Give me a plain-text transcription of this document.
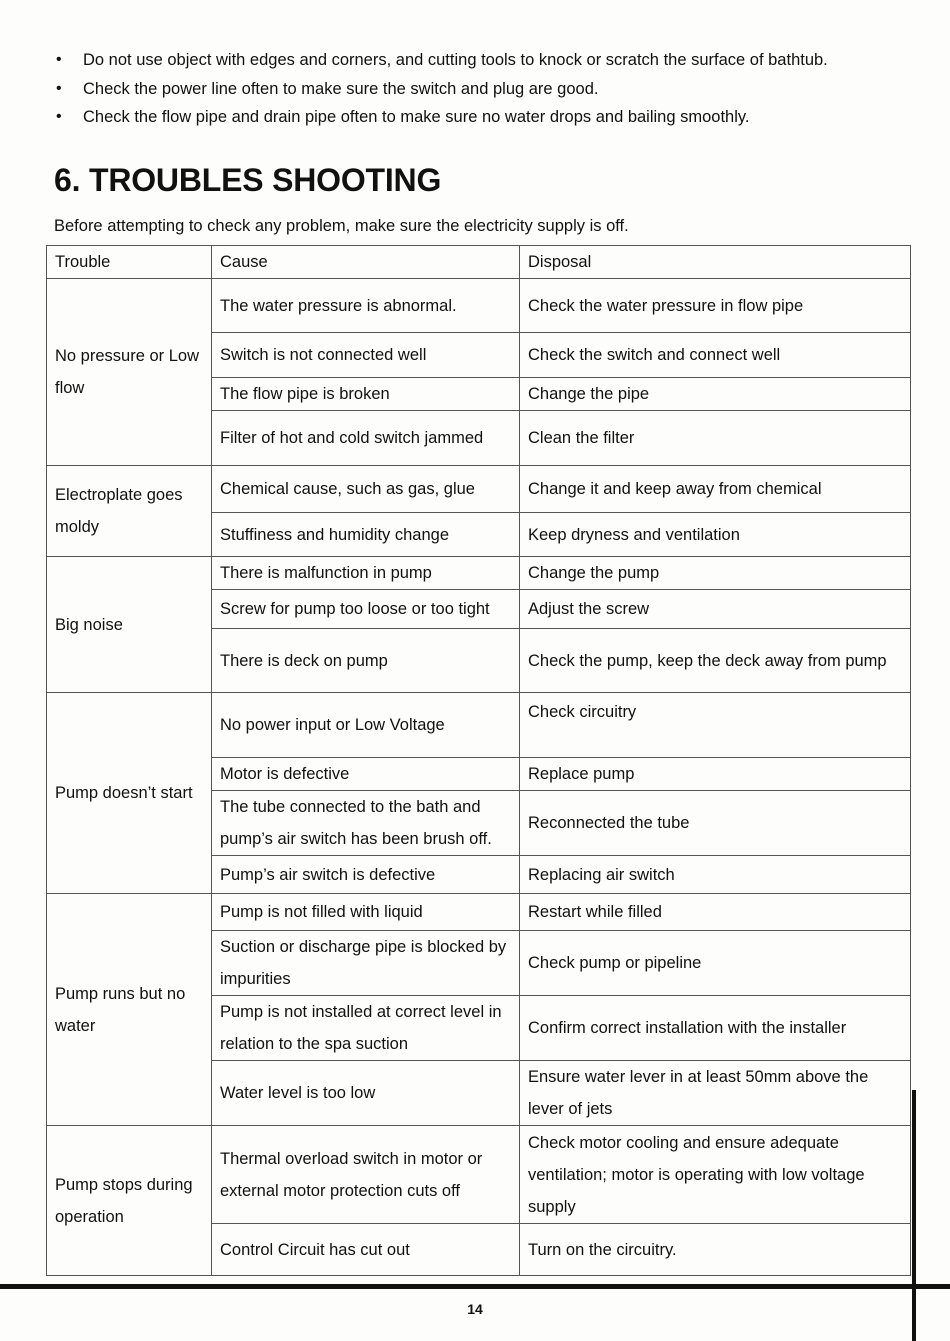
• Do not use object with edges and corners, and cutting tools to knock or scratch the surface of bathtub.
• Check the power line often to make sure the switch and plug are good.
• Check the flow pipe and drain pipe often to make sure no water drops and bailing smoothly.
6. TROUBLES SHOOTING
Before attempting to check any problem, make sure the electricity supply is off.
Trouble	Cause	Disposal
No pressure or Low flow	The water pressure is abnormal.	Check the water pressure in flow pipe
	Switch is not connected well	Check the switch and connect well
	The flow pipe is broken	Change the pipe
	Filter of hot and cold switch jammed	Clean the filter
Electroplate goes moldy	Chemical cause, such as gas, glue	Change it and keep away from chemical
	Stuffiness and humidity change	Keep dryness and ventilation
Big noise	There is malfunction in pump	Change the pump
	Screw for pump too loose or too tight	Adjust the screw
	There is deck on pump	Check the pump, keep the deck away from pump
Pump doesn’t start	No power input or Low Voltage	Check circuitry
	Motor is defective	Replace pump
	The tube connected to the bath and pump’s air switch has been brush off.	Reconnected the tube
	Pump’s air switch is defective	Replacing air switch
Pump runs but no water	Pump is not filled with liquid	Restart while filled
	Suction or discharge pipe is blocked by impurities	Check pump or pipeline
	Pump is not installed at correct level in relation to the spa suction	Confirm correct installation with the installer
	Water level is too low	Ensure water lever in at least 50mm above the lever of jets
Pump stops during operation	Thermal overload switch in motor or external motor protection cuts off	Check motor cooling and ensure adequate ventilation; motor is operating with low voltage supply
	Control Circuit has cut out	Turn on the circuitry.
14
